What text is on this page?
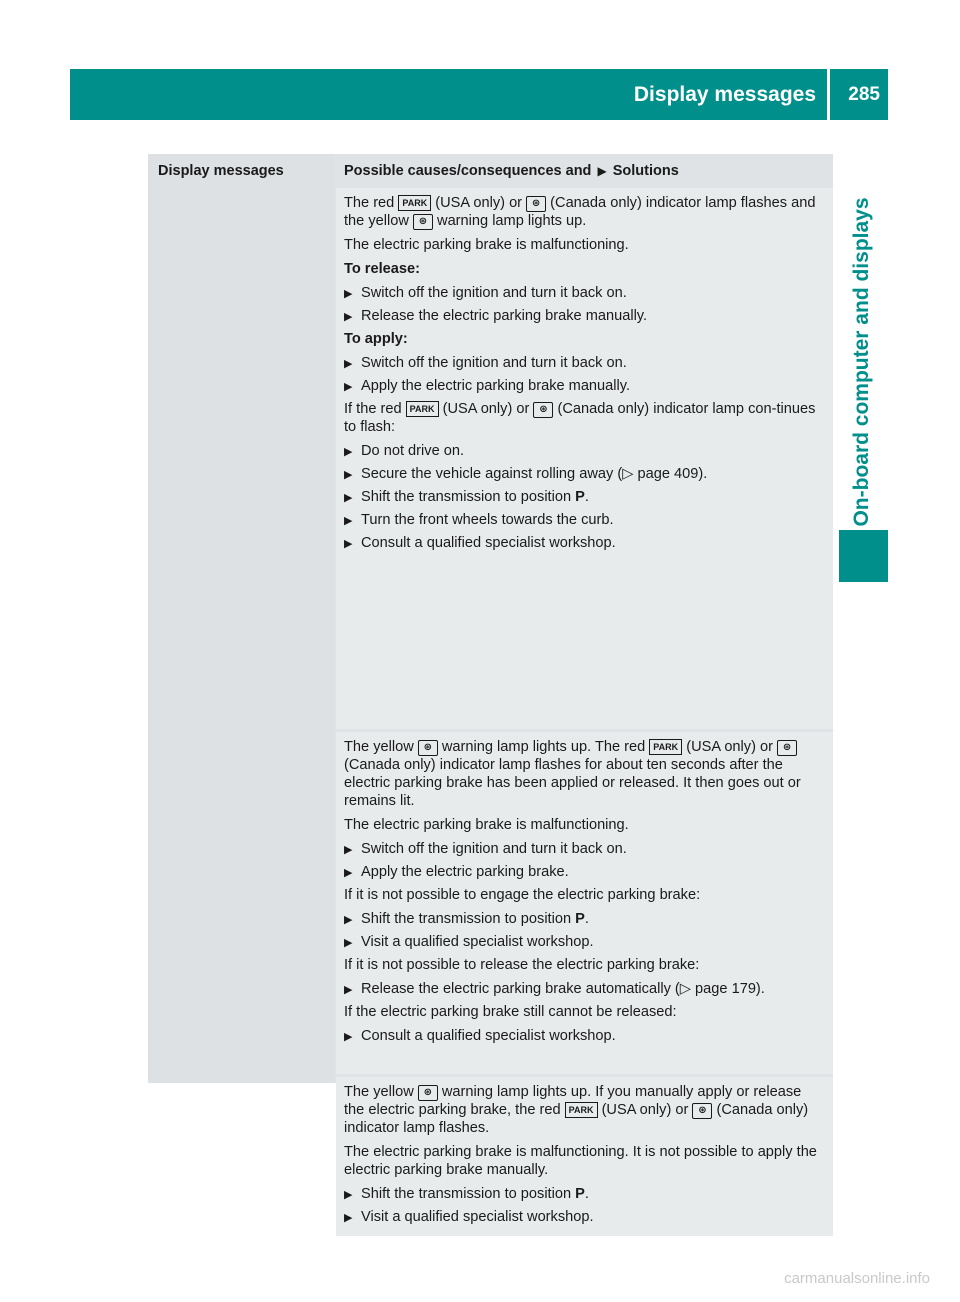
Display messages 285
On-board computer and displays
Display messages	Possible causes/consequences and ▶ Solutions

The red PARK (USA only) or ⊛ (Canada only) indicator lamp flashes and the yellow ⊛ warning lamp lights up.

The electric parking brake is malfunctioning.

To release:

▶ Switch off the ignition and turn it back on.

▶ Release the electric parking brake manually.

To apply:

▶ Switch off the ignition and turn it back on.

▶ Apply the electric parking brake manually.

If the red PARK (USA only) or ⊛ (Canada only) indicator lamp con-tinues to flash:

▶ Do not drive on.

▶ Secure the vehicle against rolling away (▷ page 409).

▶ Shift the transmission to position P.

▶ Turn the front wheels towards the curb.

▶ Consult a qualified specialist workshop.

The yellow ⊛ warning lamp lights up. The red PARK (USA only) or ⊛ (Canada only) indicator lamp flashes for about ten seconds after the electric parking brake has been applied or released. It then goes out or remains lit.

The electric parking brake is malfunctioning.

▶ Switch off the ignition and turn it back on.

▶ Apply the electric parking brake.

If it is not possible to engage the electric parking brake:

▶ Shift the transmission to position P.

▶ Visit a qualified specialist workshop.

If it is not possible to release the electric parking brake:

▶ Release the electric parking brake automatically (▷ page 179).

If the electric parking brake still cannot be released:

▶ Consult a qualified specialist workshop.

The yellow ⊛ warning lamp lights up. If you manually apply or release the electric parking brake, the red PARK (USA only) or ⊛ (Canada only) indicator lamp flashes.

The electric parking brake is malfunctioning. It is not possible to apply the electric parking brake manually.

▶ Shift the transmission to position P.

▶ Visit a qualified specialist workshop.

carmanualsonline.info
